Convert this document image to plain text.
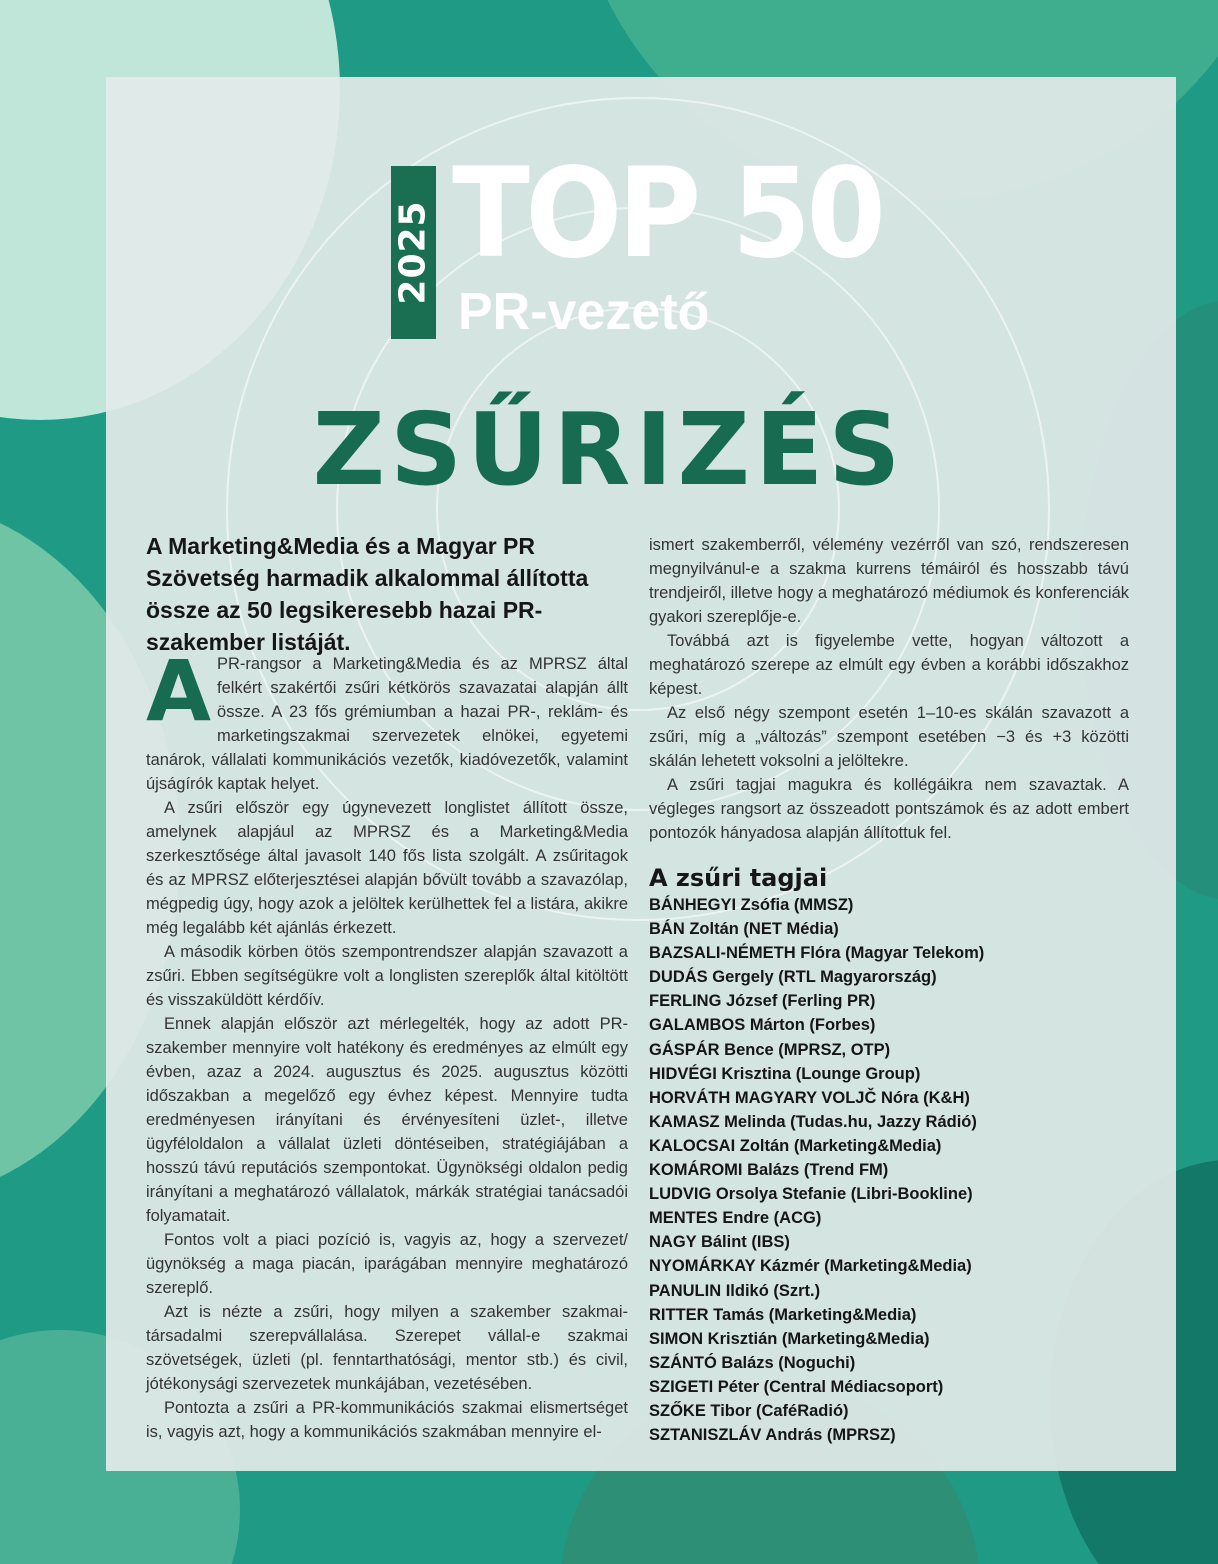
2025 TOP 50
PR-vezető
ZSŰRIZÉS
A Marketing&Media és a Magyar PR Szövetség harmadik alkalommal állította össze az 50 legsikeresebb hazai PR-szakember listáját.

APR-rangsor a Marketing&Media és az MPRSZ által felkért szakértői zsűri kétkörös szavazatai alapján állt össze. A 23 fős grémiumban a hazai PR-, reklám- és marketingszakmai szervezetek elnökei, egyetemi tanárok, vállalati kommunikációs vezetők, kiadóvezetők, valamint újságírók kaptak helyet.

A zsűri először egy úgynevezett longlistet állított össze, amelynek alapjául az MPRSZ és a Marketing&Media szerkesztősége által javasolt 140 fős lista szolgált. A zsűritagok és az MPRSZ előterjesztései alapján bővült tovább a szavazólap, mégpedig úgy, hogy azok a jelöltek kerülhettek fel a listára, akikre még legalább két ajánlás érkezett.

A második körben ötös szempontrendszer alapján szavazott a zsűri. Ebben segítségükre volt a longlisten szereplők által kitöltött és visszaküldött kérdőív.

Ennek alapján először azt mérlegelték, hogy az adott PR-szakember mennyire volt hatékony és eredményes az elmúlt egy évben, azaz a 2024. augusztus és 2025. augusztus közötti időszakban a megelőző egy évhez képest. Mennyire tudta eredményesen irányítani és érvényesíteni üzlet-, illetve ügyféloldalon a vállalat üzleti döntéseiben, stratégiájában a hosszú távú reputációs szempontokat. Ügynökségi oldalon pedig irányítani a meghatározó vállalatok, márkák stratégiai tanácsadói folyamatait.

Fontos volt a piaci pozíció is, vagyis az, hogy a szervezet/ügynökség a maga piacán, iparágában mennyire meghatározó szereplő.

Azt is nézte a zsűri, hogy milyen a szakember szakmai-társadalmi szerepvállalása. Szerepet vállal-e szakmai szövetségek, üzleti (pl. fenntarthatósági, mentor stb.) és civil, jótékonysági szervezetek munkájában, vezetésében.

Pontozta a zsűri a PR-kommunikációs szakmai elismertséget is, vagyis azt, hogy a kommunikációs szakmában mennyire el-

ismert szakemberről, vélemény vezérről van szó, rendszeresen megnyilvánul-e a szakma kurrens témáiról és hosszabb távú trendjeiről, illetve hogy a meghatározó médiumok és konferenciák gyakori szereplője-e.

Továbbá azt is figyelembe vette, hogyan változott a meghatározó szerepe az elmúlt egy évben a korábbi időszakhoz képest.

Az első négy szempont esetén 1–10-es skálán szavazott a zsűri, míg a „változás” szempont esetében −3 és +3 közötti skálán lehetett voksolni a jelöltekre.

A zsűri tagjai magukra és kollégáikra nem szavaztak. A végleges rangsort az összeadott pontszámok és az adott embert pontozók hányadosa alapján állítottuk fel.

A zsűri tagjai
BÁNHEGYI Zsófia (MMSZ)
BÁN Zoltán (NET Média)
BAZSALI-NÉMETH Flóra (Magyar Telekom)
DUDÁS Gergely (RTL Magyarország)
FERLING József (Ferling PR)
GALAMBOS Márton (Forbes)
GÁSPÁR Bence (MPRSZ, OTP)
HIDVÉGI Krisztina (Lounge Group)
HORVÁTH MAGYARY VOLJČ Nóra (K&H)
KAMASZ Melinda (Tudas.hu, Jazzy Rádió)
KALOCSAI Zoltán (Marketing&Media)
KOMÁROMI Balázs (Trend FM)
LUDVIG Orsolya Stefanie (Libri-Bookline)
MENTES Endre (ACG)
NAGY Bálint (IBS)
NYOMÁRKAY Kázmér (Marketing&Media)
PANULIN Ildikó (Szrt.)
RITTER Tamás (Marketing&Media)
SIMON Krisztián (Marketing&Media)
SZÁNTÓ Balázs (Noguchi)
SZIGETI Péter (Central Médiacsoport)
SZŐKE Tibor (CaféRadió)
SZTANISZLÁV András (MPRSZ)
